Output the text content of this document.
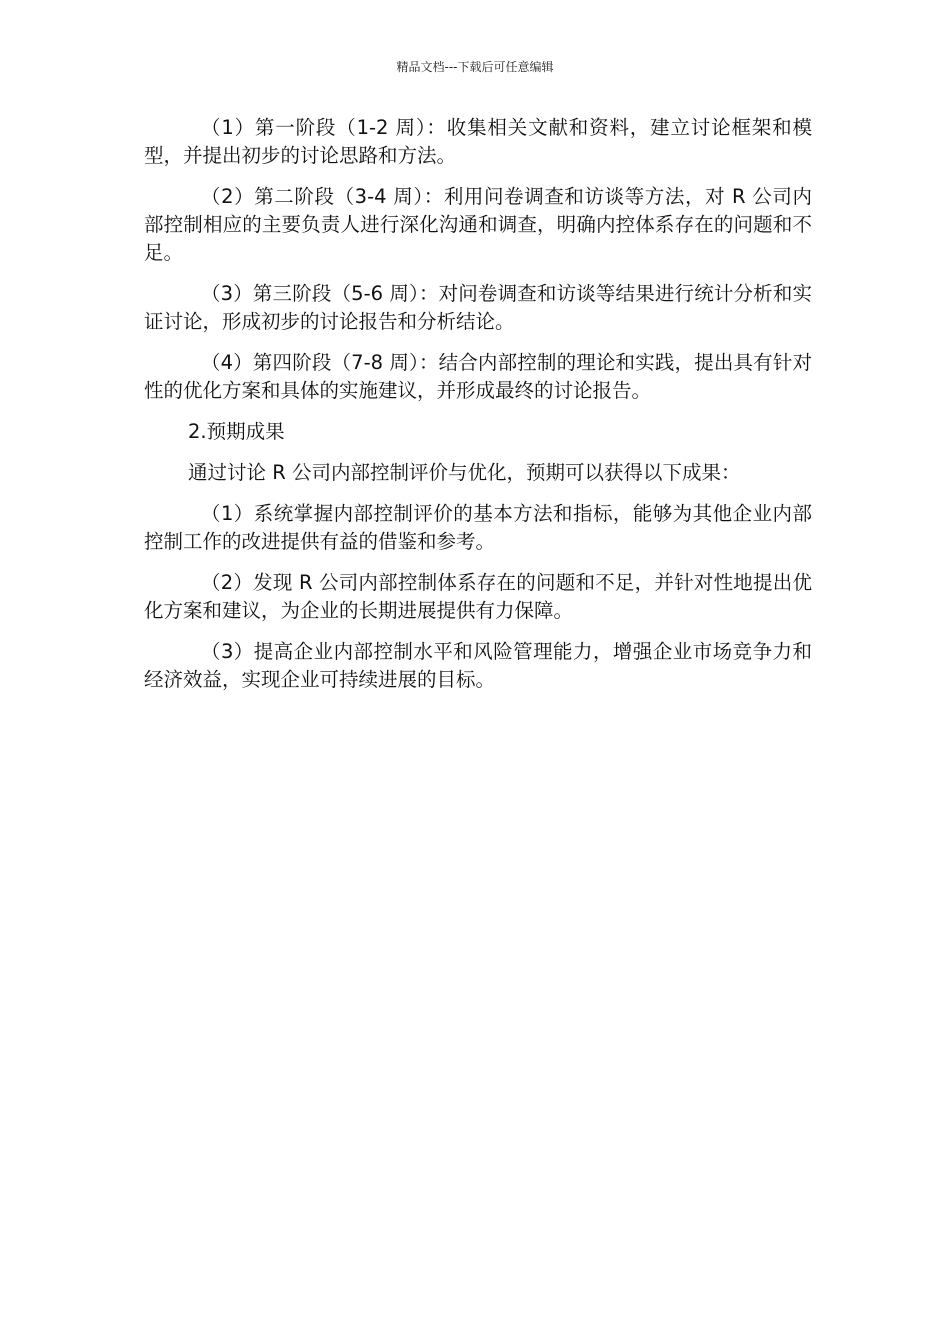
精品文档---下载后可任意编辑

（1）第一阶段（1-2 周）：收集相关文献和资料，建立讨论框架和模型，并提出初步的讨论思路和方法。

（2）第二阶段（3-4 周）：利用问卷调查和访谈等方法，对 R 公司内部控制相应的主要负责人进行深化沟通和调查，明确内控体系存在的问题和不足。

（3）第三阶段（5-6 周）：对问卷调查和访谈等结果进行统计分析和实证讨论，形成初步的讨论报告和分析结论。

（4）第四阶段（7-8 周）：结合内部控制的理论和实践，提出具有针对性的优化方案和具体的实施建议，并形成最终的讨论报告。

2.预期成果

通过讨论 R 公司内部控制评价与优化，预期可以获得以下成果：

（1）系统掌握内部控制评价的基本方法和指标，能够为其他企业内部控制工作的改进提供有益的借鉴和参考。

（2）发现 R 公司内部控制体系存在的问题和不足，并针对性地提出优化方案和建议，为企业的长期进展提供有力保障。

（3）提高企业内部控制水平和风险管理能力，增强企业市场竞争力和经济效益，实现企业可持续进展的目标。
